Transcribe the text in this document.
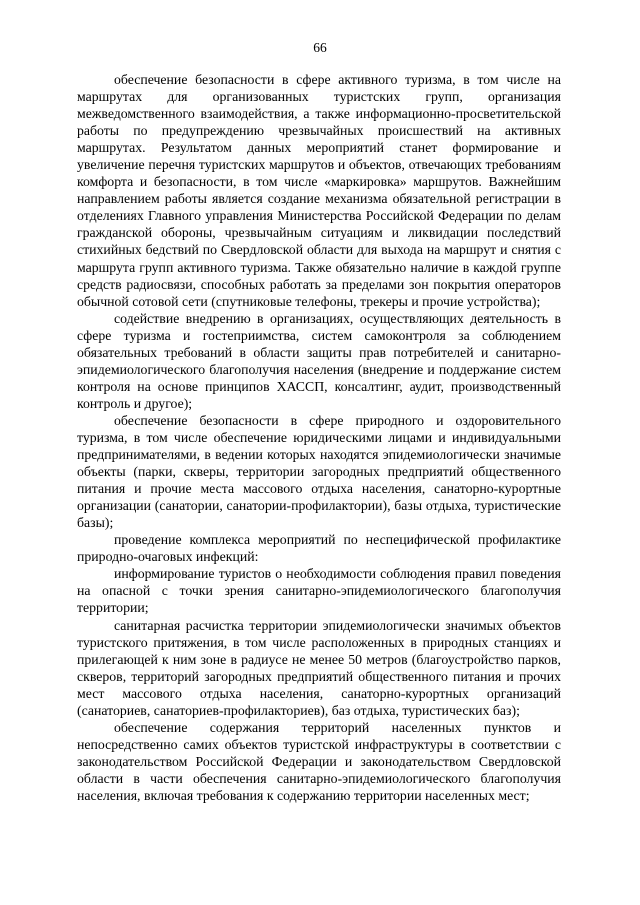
66

обеспечение безопасности в сфере активного туризма, в том числе на маршрутах для организованных туристских групп, организация межведомственного взаимодействия, а также информационно-просветительской работы по предупреждению чрезвычайных происшествий на активных маршрутах. Результатом данных мероприятий станет формирование и увеличение перечня туристских маршрутов и объектов, отвечающих требованиям комфорта и безопасности, в том числе «маркировка» маршрутов. Важнейшим направлением работы является создание механизма обязательной регистрации в отделениях Главного управления Министерства Российской Федерации по делам гражданской обороны, чрезвычайным ситуациям и ликвидации последствий стихийных бедствий по Свердловской области для выхода на маршрут и снятия с маршрута групп активного туризма. Также обязательно наличие в каждой группе средств радиосвязи, способных работать за пределами зон покрытия операторов обычной сотовой сети (спутниковые телефоны, трекеры и прочие устройства);

содействие внедрению в организациях, осуществляющих деятельность в сфере туризма и гостеприимства, систем самоконтроля за соблюдением обязательных требований в области защиты прав потребителей и санитарно-эпидемиологического благополучия населения (внедрение и поддержание систем контроля на основе принципов ХАССП, консалтинг, аудит, производственный контроль и другое);

обеспечение безопасности в сфере природного и оздоровительного туризма, в том числе обеспечение юридическими лицами и индивидуальными предпринимателями, в ведении которых находятся эпидемиологически значимые объекты (парки, скверы, территории загородных предприятий общественного питания и прочие места массового отдыха населения, санаторно-курортные организации (санатории, санатории-профилактории), базы отдыха, туристические базы);

проведение комплекса мероприятий по неспецифической профилактике природно-очаговых инфекций:

информирование туристов о необходимости соблюдения правил поведения на опасной с точки зрения санитарно-эпидемиологического благополучия территории;

санитарная расчистка территории эпидемиологически значимых объектов туристского притяжения, в том числе расположенных в природных станциях и прилегающей к ним зоне в радиусе не менее 50 метров (благоустройство парков, скверов, территорий загородных предприятий общественного питания и прочих мест массового отдыха населения, санаторно-курортных организаций (санаториев, санаториев-профилакториев), баз отдыха, туристических баз);

обеспечение содержания территорий населенных пунктов и непосредственно самих объектов туристской инфраструктуры в соответствии с законодательством Российской Федерации и законодательством Свердловской области в части обеспечения санитарно-эпидемиологического благополучия населения, включая требования к содержанию территории населенных мест;
